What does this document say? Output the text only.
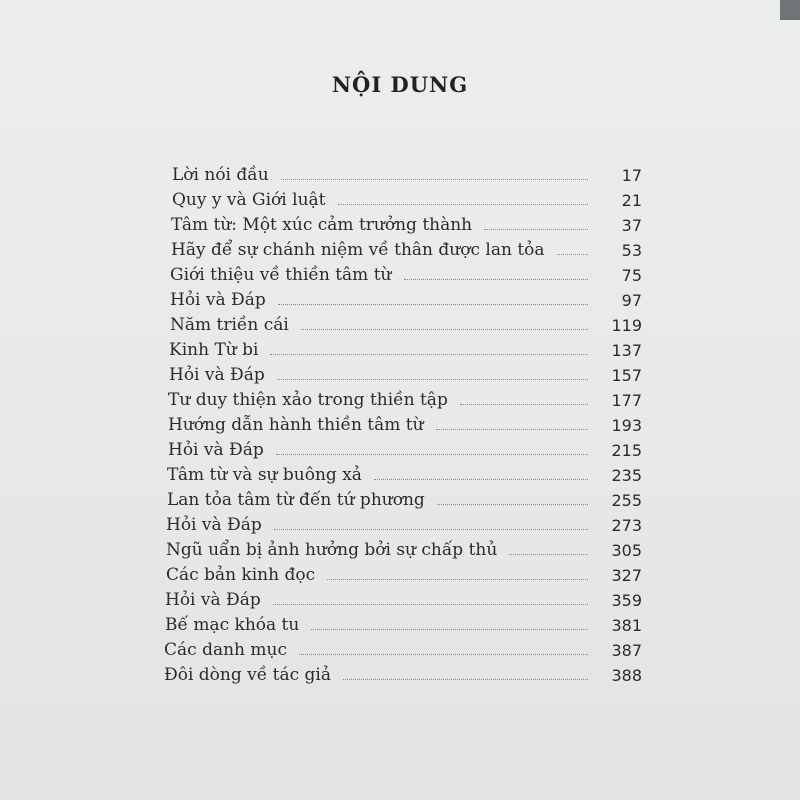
NỘI DUNG
Lời nói đầu	17
Quy y và Giới luật	21
Tâm từ: Một xúc cảm trưởng thành	37
Hãy để sự chánh niệm về thân được lan tỏa	53
Giới thiệu về thiền tâm từ	75
Hỏi và Đáp	97
Năm triền cái	119
Kinh Từ bi	137
Hỏi và Đáp	157
Tư duy thiện xảo trong thiền tập	177
Hướng dẫn hành thiền tâm từ	193
Hỏi và Đáp	215
Tâm từ và sự buông xả	235
Lan tỏa tâm từ đến tứ phương	255
Hỏi và Đáp	273
Ngũ uẩn bị ảnh hưởng bởi sự chấp thủ	305
Các bản kinh đọc	327
Hỏi và Đáp	359
Bế mạc khóa tu	381
Các danh mục	387
Đôi dòng về tác giả	388
